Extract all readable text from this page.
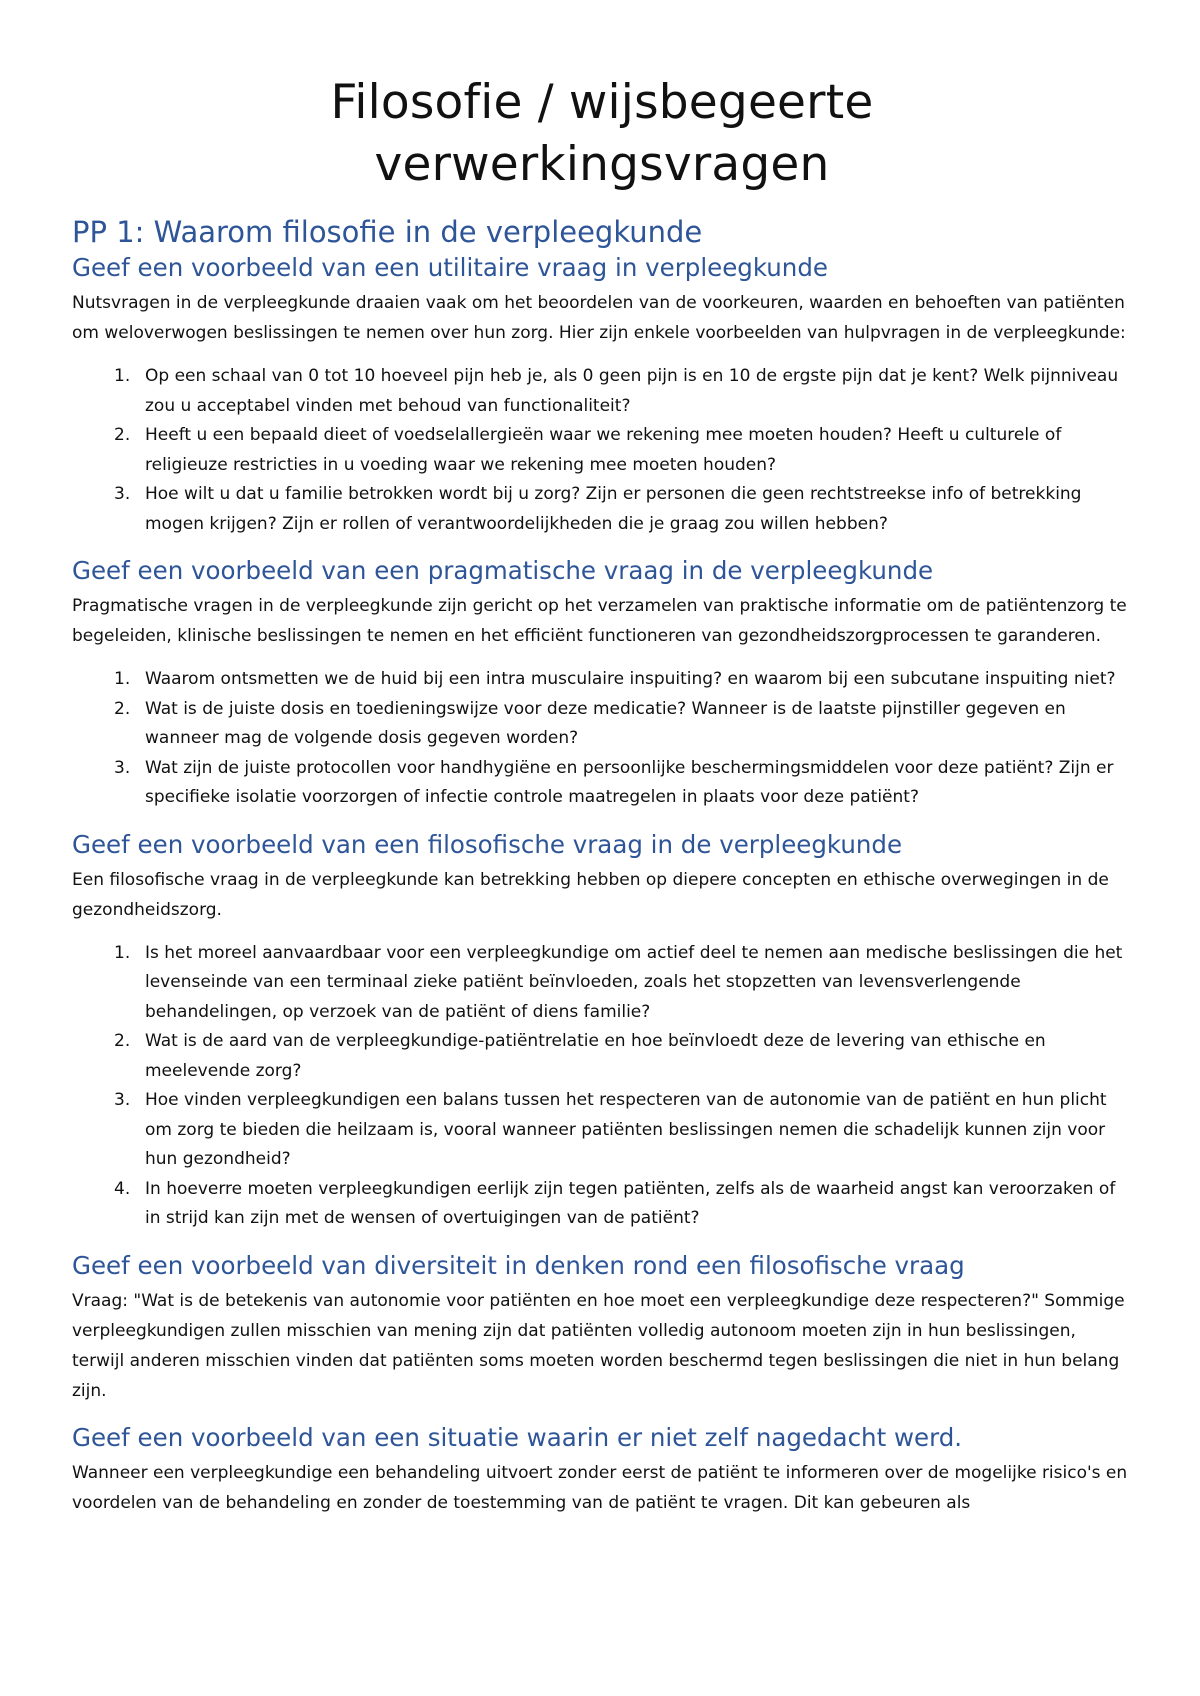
Filosofie / wijsbegeerte
verwerkingsvragen
PP 1: Waarom filosofie in de verpleegkunde
Geef een voorbeeld van een utilitaire vraag in verpleegkunde

Nutsvragen in de verpleegkunde draaien vaak om het beoordelen van de voorkeuren, waarden en behoeften van patiënten om weloverwogen beslissingen te nemen over hun zorg. Hier zijn enkele voorbeelden van hulpvragen in de verpleegkunde:

1. Op een schaal van 0 tot 10 hoeveel pijn heb je, als 0 geen pijn is en 10 de ergste pijn dat je kent? Welk pijnniveau zou u acceptabel vinden met behoud van functionaliteit?
2. Heeft u een bepaald dieet of voedselallergieën waar we rekening mee moeten houden? Heeft u culturele of religieuze restricties in u voeding waar we rekening mee moeten houden?
3. Hoe wilt u dat u familie betrokken wordt bij u zorg? Zijn er personen die geen rechtstreekse info of betrekking mogen krijgen? Zijn er rollen of verantwoordelijkheden die je graag zou willen hebben?
Geef een voorbeeld van een pragmatische vraag in de verpleegkunde

Pragmatische vragen in de verpleegkunde zijn gericht op het verzamelen van praktische informatie om de patiëntenzorg te begeleiden, klinische beslissingen te nemen en het efficiënt functioneren van gezondheidszorgprocessen te garanderen.

1. Waarom ontsmetten we de huid bij een intra musculaire inspuiting? en waarom bij een subcutane inspuiting niet?
2. Wat is de juiste dosis en toedieningswijze voor deze medicatie? Wanneer is de laatste pijnstiller gegeven en wanneer mag de volgende dosis gegeven worden?
3. Wat zijn de juiste protocollen voor handhygiëne en persoonlijke beschermingsmiddelen voor deze patiënt? Zijn er specifieke isolatie voorzorgen of infectie controle maatregelen in plaats voor deze patiënt?
Geef een voorbeeld van een filosofische vraag in de verpleegkunde

Een filosofische vraag in de verpleegkunde kan betrekking hebben op diepere concepten en ethische overwegingen in de gezondheidszorg.

1. Is het moreel aanvaardbaar voor een verpleegkundige om actief deel te nemen aan medische beslissingen die het levenseinde van een terminaal zieke patiënt beïnvloeden, zoals het stopzetten van levensverlengende behandelingen, op verzoek van de patiënt of diens familie?
2. Wat is de aard van de verpleegkundige-patiëntrelatie en hoe beïnvloedt deze de levering van ethische en meelevende zorg?
3. Hoe vinden verpleegkundigen een balans tussen het respecteren van de autonomie van de patiënt en hun plicht om zorg te bieden die heilzaam is, vooral wanneer patiënten beslissingen nemen die schadelijk kunnen zijn voor hun gezondheid?
4. In hoeverre moeten verpleegkundigen eerlijk zijn tegen patiënten, zelfs als de waarheid angst kan veroorzaken of in strijd kan zijn met de wensen of overtuigingen van de patiënt?
Geef een voorbeeld van diversiteit in denken rond een filosofische vraag

Vraag: "Wat is de betekenis van autonomie voor patiënten en hoe moet een verpleegkundige deze respecteren?" Sommige verpleegkundigen zullen misschien van mening zijn dat patiënten volledig autonoom moeten zijn in hun beslissingen, terwijl anderen misschien vinden dat patiënten soms moeten worden beschermd tegen beslissingen die niet in hun belang zijn.

Geef een voorbeeld van een situatie waarin er niet zelf nagedacht werd.

Wanneer een verpleegkundige een behandeling uitvoert zonder eerst de patiënt te informeren over de mogelijke risico's en voordelen van de behandeling en zonder de toestemming van de patiënt te vragen. Dit kan gebeuren als
